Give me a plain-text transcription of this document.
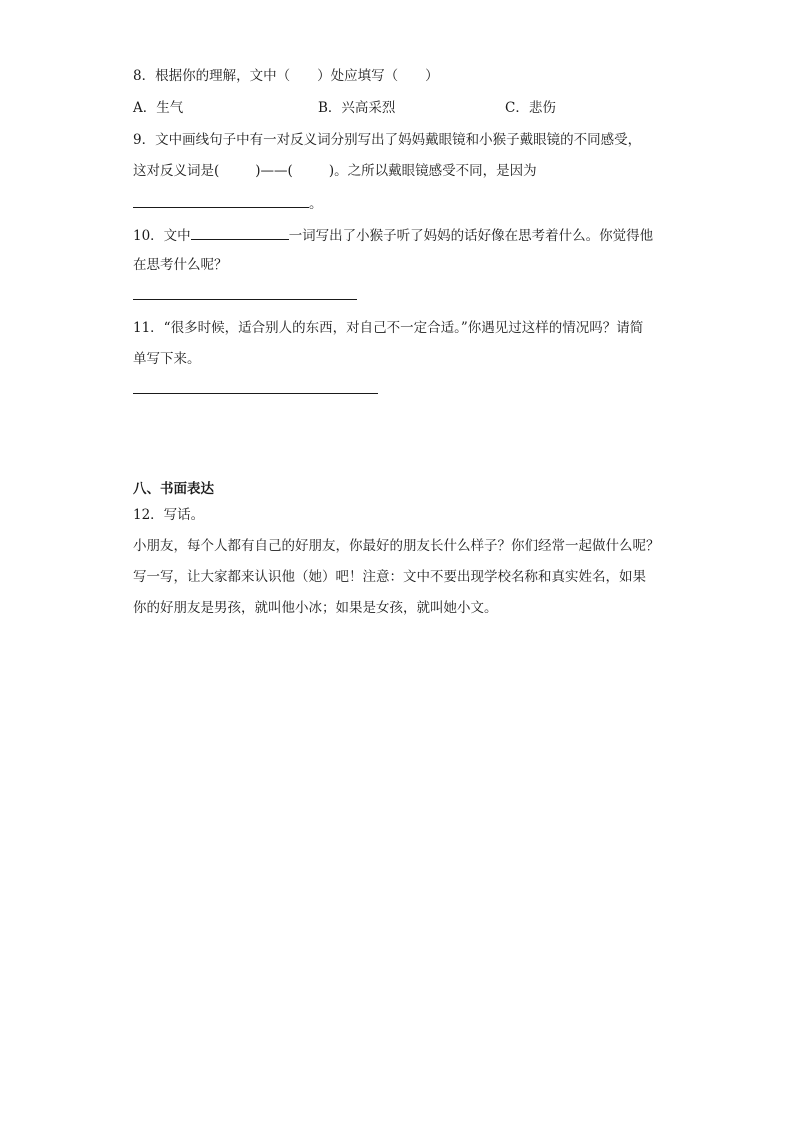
8．根据你的理解，文中（　　）处应填写（　　）
A．生气	B．兴高采烈	C．悲伤
9．文中画线句子中有一对反义词分别写出了妈妈戴眼镜和小猴子戴眼镜的不同感受，
这对反义词是(	)——(	)。之所以戴眼镜感受不同，是因为
。
10．文中	一词写出了小猴子听了妈妈的话好像在思考着什么。你觉得他
在思考什么呢？
11．“很多时候，适合别人的东西，对自己不一定合适。”你遇见过这样的情况吗？请简
单写下来。
八、书面表达
12．写话。
小朋友，每个人都有自己的好朋友，你最好的朋友长什么样子？你们经常一起做什么呢？
写一写，让大家都来认识他（她）吧！注意：文中不要出现学校名称和真实姓名，如果
你的好朋友是男孩，就叫他小冰；如果是女孩，就叫她小文。
